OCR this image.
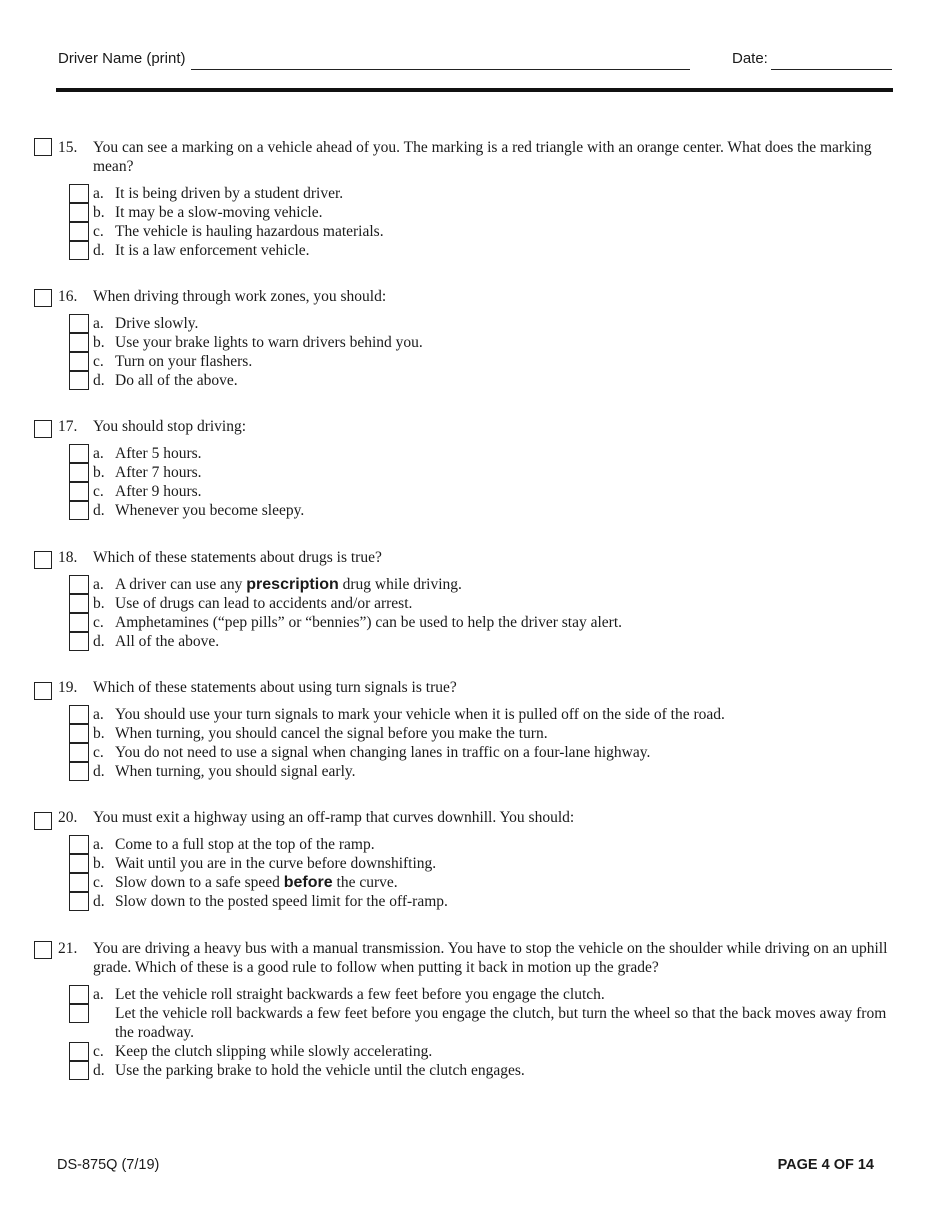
Driver Name (print)	Date:
15. You can see a marking on a vehicle ahead of you. The marking is a red triangle with an orange center. What does the marking mean?
a. It is being driven by a student driver.
b. It may be a slow-moving vehicle.
c. The vehicle is hauling hazardous materials.
d. It is a law enforcement vehicle.
16. When driving through work zones, you should:
a. Drive slowly.
b. Use your brake lights to warn drivers behind you.
c. Turn on your flashers.
d. Do all of the above.
17. You should stop driving:
a. After 5 hours.
b. After 7 hours.
c. After 9 hours.
d. Whenever you become sleepy.
18. Which of these statements about drugs is true?
a. A driver can use any prescription drug while driving.
b. Use of drugs can lead to accidents and/or arrest.
c. Amphetamines (“pep pills” or “bennies”) can be used to help the driver stay alert.
d. All of the above.
19. Which of these statements about using turn signals is true?
a. You should use your turn signals to mark your vehicle when it is pulled off on the side of the road.
b. When turning, you should cancel the signal before you make the turn.
c. You do not need to use a signal when changing lanes in traffic on a four-lane highway.
d. When turning, you should signal early.
20. You must exit a highway using an off-ramp that curves downhill. You should:
a. Come to a full stop at the top of the ramp.
b. Wait until you are in the curve before downshifting.
c. Slow down to a safe speed before the curve.
d. Slow down to the posted speed limit for the off-ramp.
21. You are driving a heavy bus with a manual transmission. You have to stop the vehicle on the shoulder while driving on an uphill grade. Which of these is a good rule to follow when putting it back in motion up the grade?
a. Let the vehicle roll straight backwards a few feet before you engage the clutch.
Let the vehicle roll backwards a few feet before you engage the clutch, but turn the wheel so that the back moves away from the roadway.
c. Keep the clutch slipping while slowly accelerating.
d. Use the parking brake to hold the vehicle until the clutch engages.
DS-875Q (7/19)	PAGE 4 OF 14
